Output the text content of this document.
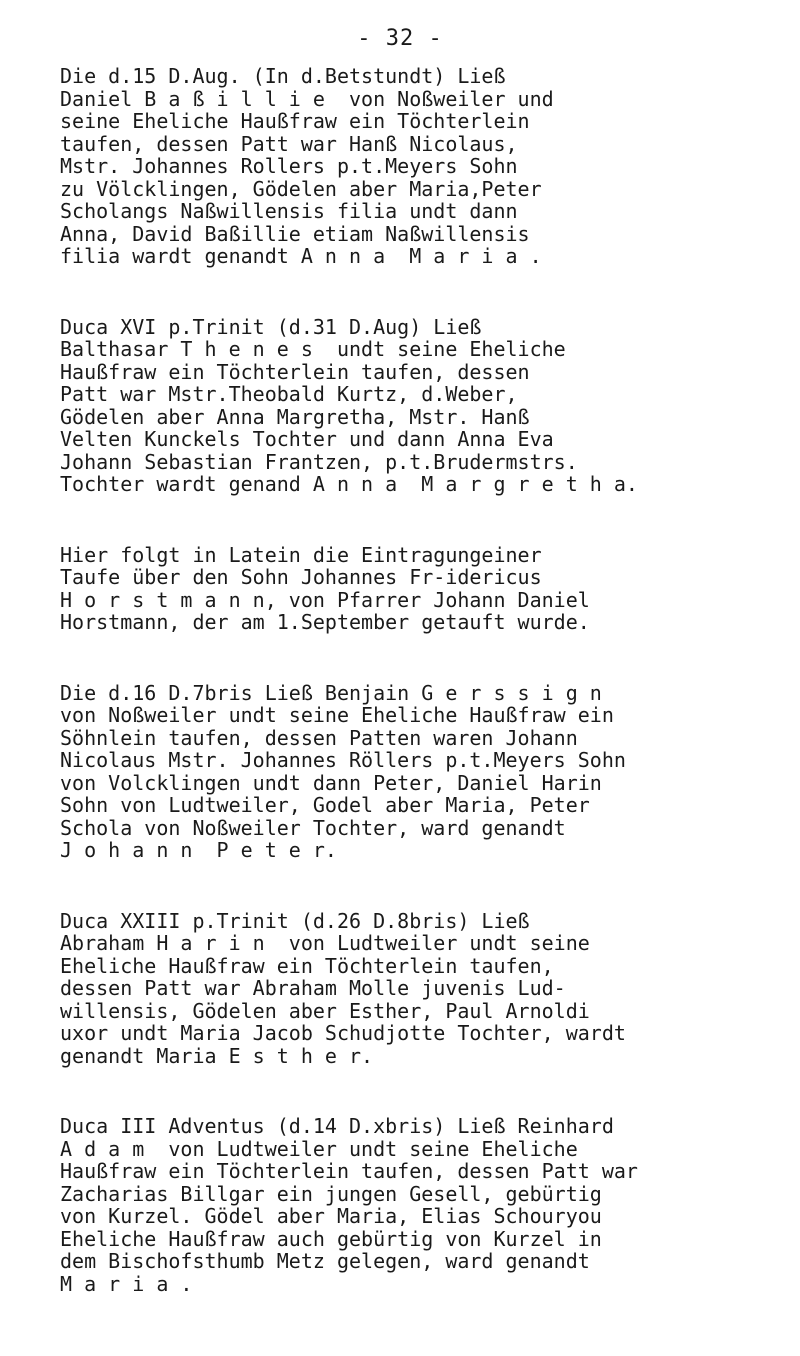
- 32 -
Die d.15 D.Aug. (In d.Betstundt) Ließ
Daniel B a ß i l l i e  von Noßweiler und
seine Eheliche Haußfraw ein Töchterlein
taufen, dessen Patt war Hanß Nicolaus,
Mstr. Johannes Rollers p.t.Meyers Sohn
zu Völcklingen, Gödelen aber Maria,Peter
Scholangs Naßwillensis filia undt dann
Anna, David Baßillie etiam Naßwillensis
filia wardt genandt A n n a  M a r i a .
Duca XVI p.Trinit (d.31 D.Aug) Ließ
Balthasar T h e n e s  undt seine Eheliche
Haußfraw ein Töchterlein taufen, dessen
Patt war Mstr.Theobald Kurtz, d.Weber,
Gödelen aber Anna Margretha, Mstr. Hanß
Velten Kunckels Tochter und dann Anna Eva
Johann Sebastian Frantzen, p.t.Brudermstrs.
Tochter wardt genand A n n a  M a r g r e t h a.
Hier folgt in Latein die Eintragungeiner
Taufe über den Sohn Johannes Fr-idericus
H o r s t m a n n, von Pfarrer Johann Daniel
Horstmann, der am 1.September getauft wurde.
Die d.16 D.7bris Ließ Benjain G e r s s i g n
von Noßweiler undt seine Eheliche Haußfraw ein
Söhnlein taufen, dessen Patten waren Johann
Nicolaus Mstr. Johannes Röllers p.t.Meyers Sohn
von Volcklingen undt dann Peter, Daniel Harin
Sohn von Ludtweiler, Godel aber Maria, Peter
Schola von Noßweiler Tochter, ward genandt
J o h a n n  P e t e r.
Duca XXIII p.Trinit (d.26 D.8bris) Ließ
Abraham H a r i n  von Ludtweiler undt seine
Eheliche Haußfraw ein Töchterlein taufen,
dessen Patt war Abraham Molle juvenis Lud-
willensis, Gödelen aber Esther, Paul Arnoldi
uxor undt Maria Jacob Schudjotte Tochter, wardt
genandt Maria E s t h e r.
Duca III Adventus (d.14 D.xbris) Ließ Reinhard
A d a m  von Ludtweiler undt seine Eheliche
Haußfraw ein Töchterlein taufen, dessen Patt war
Zacharias Billgar ein jungen Gesell, gebürtig
von Kurzel. Gödel aber Maria, Elias Schouryou
Eheliche Haußfraw auch gebürtig von Kurzel in
dem Bischofsthumb Metz gelegen, ward genandt
M a r i a .
